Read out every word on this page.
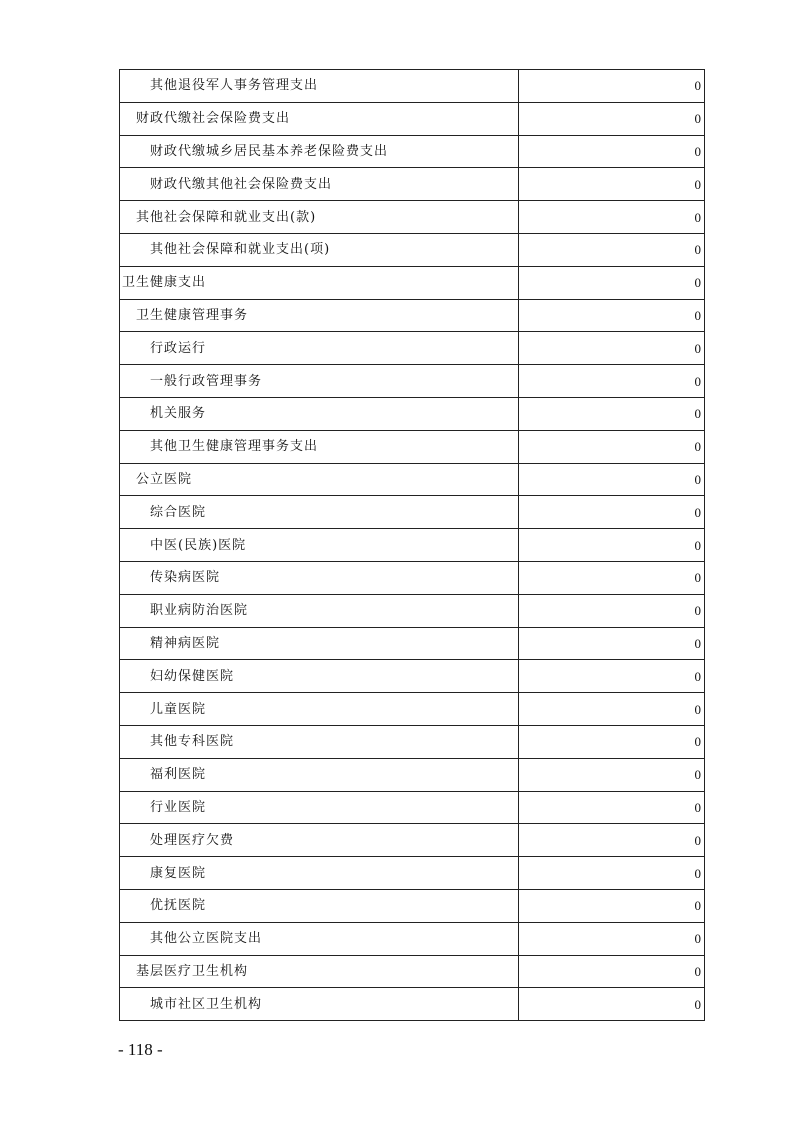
其他退役军人事务管理支出	0
财政代缴社会保险费支出	0
财政代缴城乡居民基本养老保险费支出	0
财政代缴其他社会保险费支出	0
其他社会保障和就业支出(款)	0
其他社会保障和就业支出(项)	0
卫生健康支出	0
卫生健康管理事务	0
行政运行	0
一般行政管理事务	0
机关服务	0
其他卫生健康管理事务支出	0
公立医院	0
综合医院	0
中医(民族)医院	0
传染病医院	0
职业病防治医院	0
精神病医院	0
妇幼保健医院	0
儿童医院	0
其他专科医院	0
福利医院	0
行业医院	0
处理医疗欠费	0
康复医院	0
优抚医院	0
其他公立医院支出	0
基层医疗卫生机构	0
城市社区卫生机构	0
- 118 -
